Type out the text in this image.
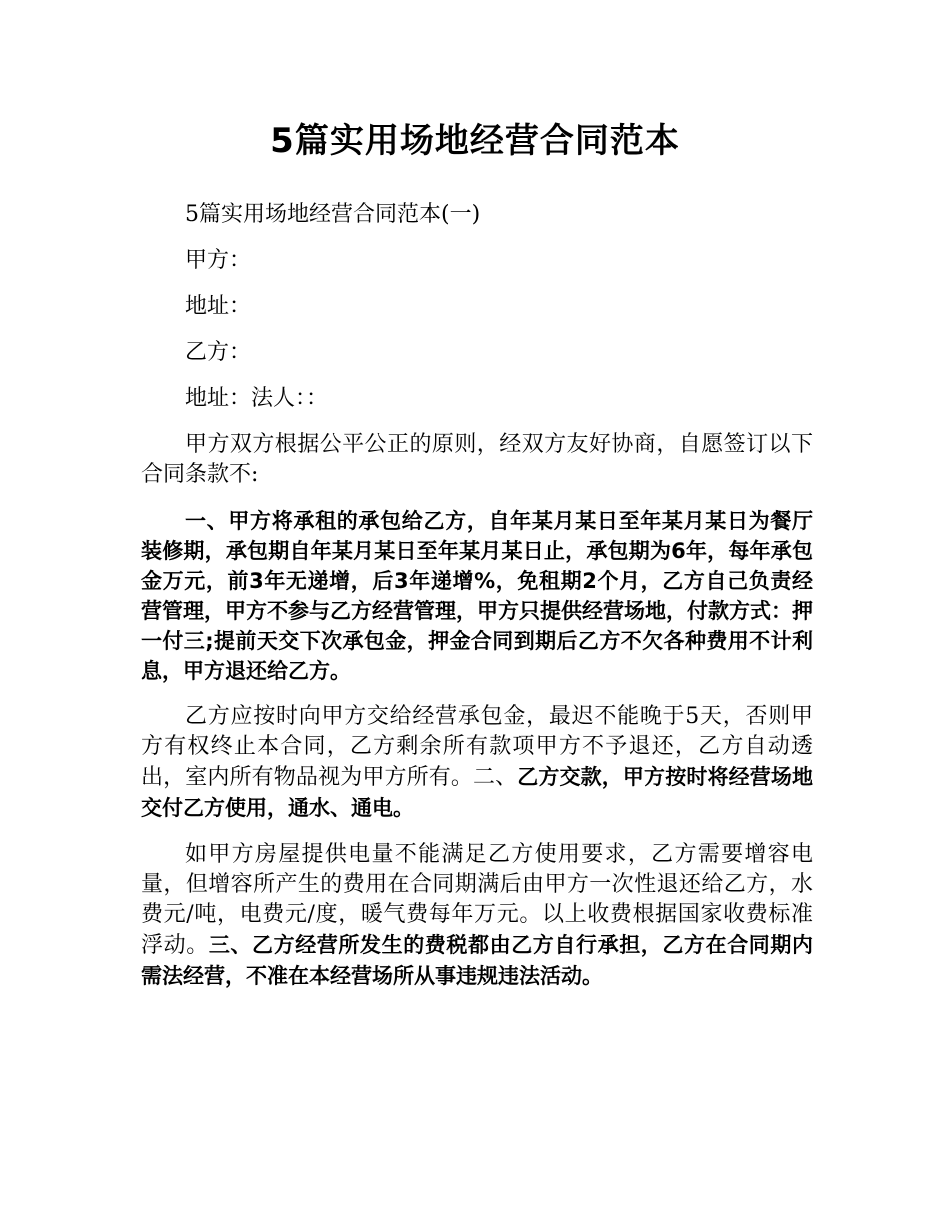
5篇实用场地经营合同范本

5篇实用场地经营合同范本(一)

甲方：

地址：

乙方：

地址：法人：：

甲方双方根据公平公正的原则，经双方友好协商，自愿签订以下合同条款不:

一、甲方将承租的承包给乙方，自年某月某日至年某月某日为餐厅装修期，承包期自年某月某日至年某月某日止，承包期为6年，每年承包金万元，前3年无递增，后3年递增%，免租期2个月，乙方自己负责经营管理，甲方不参与乙方经营管理，甲方只提供经营场地，付款方式：押一付三;提前天交下次承包金，押金合同到期后乙方不欠各种费用不计利息，甲方退还给乙方。

乙方应按时向甲方交给经营承包金，最迟不能晚于5天，否则甲方有权终止本合同，乙方剩余所有款项甲方不予退还，乙方自动透出，室内所有物品视为甲方所有。二、乙方交款，甲方按时将经营场地交付乙方使用，通水、通电。

如甲方房屋提供电量不能满足乙方使用要求，乙方需要增容电量，但增容所产生的费用在合同期满后由甲方一次性退还给乙方，水费元/吨，电费元/度，暖气费每年万元。以上收费根据国家收费标准浮动。三、乙方经营所发生的费税都由乙方自行承担，乙方在合同期内需法经营，不准在本经营场所从事违规违法活动。
